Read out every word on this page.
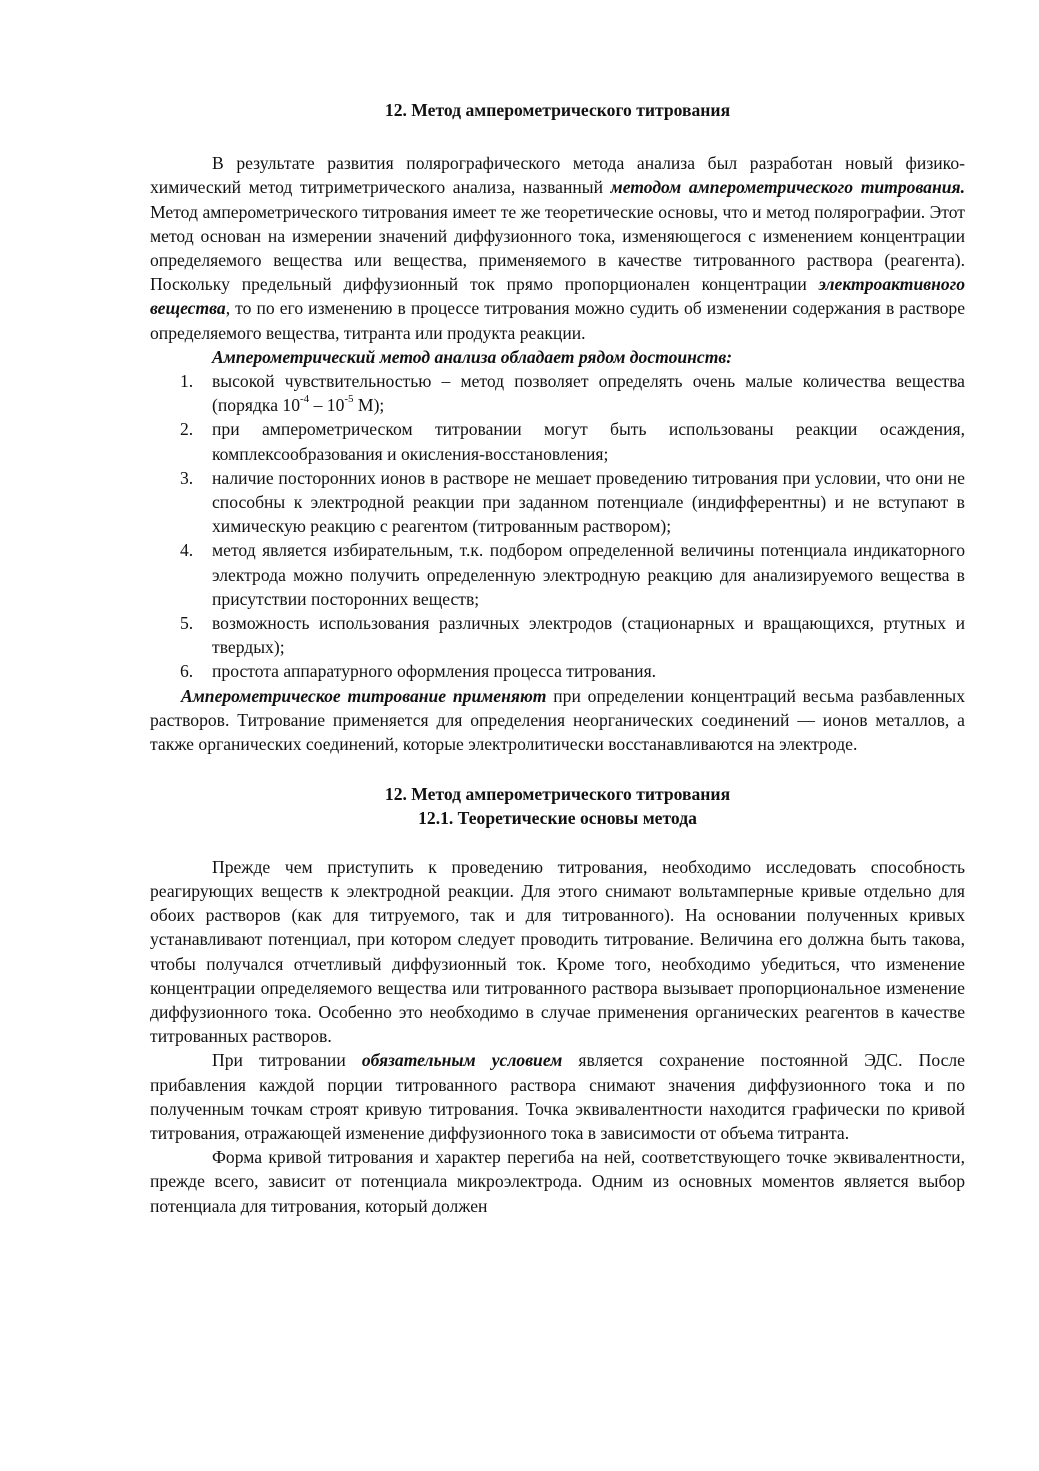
12. Метод амперометрического титрования

В результате развития полярографического метода анализа был разработан новый физико-химический метод титриметрического анализа, названный методом амперометрического титрования. Метод амперометрического титрования имеет те же теоретические основы, что и метод полярографии. Этот метод основан на измерении значений диффузионного тока, изменяющегося с изменением концентрации определяемого вещества или вещества, применяемого в качестве титрованного раствора (реагента). Поскольку предельный диффузионный ток прямо пропорционален концентрации электроактивного вещества, то по его изменению в процессе титрования можно судить об изменении содержания в растворе определяемого вещества, титранта или продукта реакции.

Амперометрический метод анализа обладает рядом достоинств:

1. высокой чувствительностью – метод позволяет определять очень малые количества вещества (порядка $10^{-4} - 10^{-5}$ М);
2. при амперометрическом титровании могут быть использованы реакции осаждения, комплексообразования и окисления-восстановления;
3. наличие посторонних ионов в растворе не мешает проведению титрования при условии, что они не способны к электродной реакции при заданном потенциале (индифферентны) и не вступают в химическую реакцию с реагентом (титрованным раствором);
4. метод является избирательным, т.к. подбором определенной величины потенциала индикаторного электрода можно получить определенную электродную реакцию для анализируемого вещества в присутствии посторонних веществ;
5. возможность использования различных электродов (стационарных и вращающихся, ртутных и твердых);
6. простота аппаратурного оформления процесса титрования.

Амперометрическое титрование применяют при определении концентраций весьма разбавленных растворов. Титрование применяется для определения неорганических соединений — ионов металлов, а также органических соединений, которые электролитически восстанавливаются на электроде.

12. Метод амперометрического титрования

12.1. Теоретические основы метода

Прежде чем приступить к проведению титрования, необходимо исследовать способность реагирующих веществ к электродной реакции. Для этого снимают вольтамперные кривые отдельно для обоих растворов (как для титруемого, так и для титрованного). На основании полученных кривых устанавливают потенциал, при котором следует проводить титрование. Величина его должна быть такова, чтобы получался отчетливый диффузионный ток. Кроме того, необходимо убедиться, что изменение концентрации определяемого вещества или титрованного раствора вызывает пропорциональное изменение диффузионного тока. Особенно это необходимо в случае применения органических реагентов в качестве титрованных растворов.

При титровании обязательным условием является сохранение постоянной ЭДС. После прибавления каждой порции титрованного раствора снимают значения диффузионного тока и по полученным точкам строят кривую титрования. Точка эквивалентности находится графически по кривой титрования, отражающей изменение диффузионного тока в зависимости от объема титранта.

Форма кривой титрования и характер перегиба на ней, соответствующего точке эквивалентности, прежде всего, зависит от потенциала микроэлектрода. Одним из основных моментов является выбор потенциала для титрования, который должен
